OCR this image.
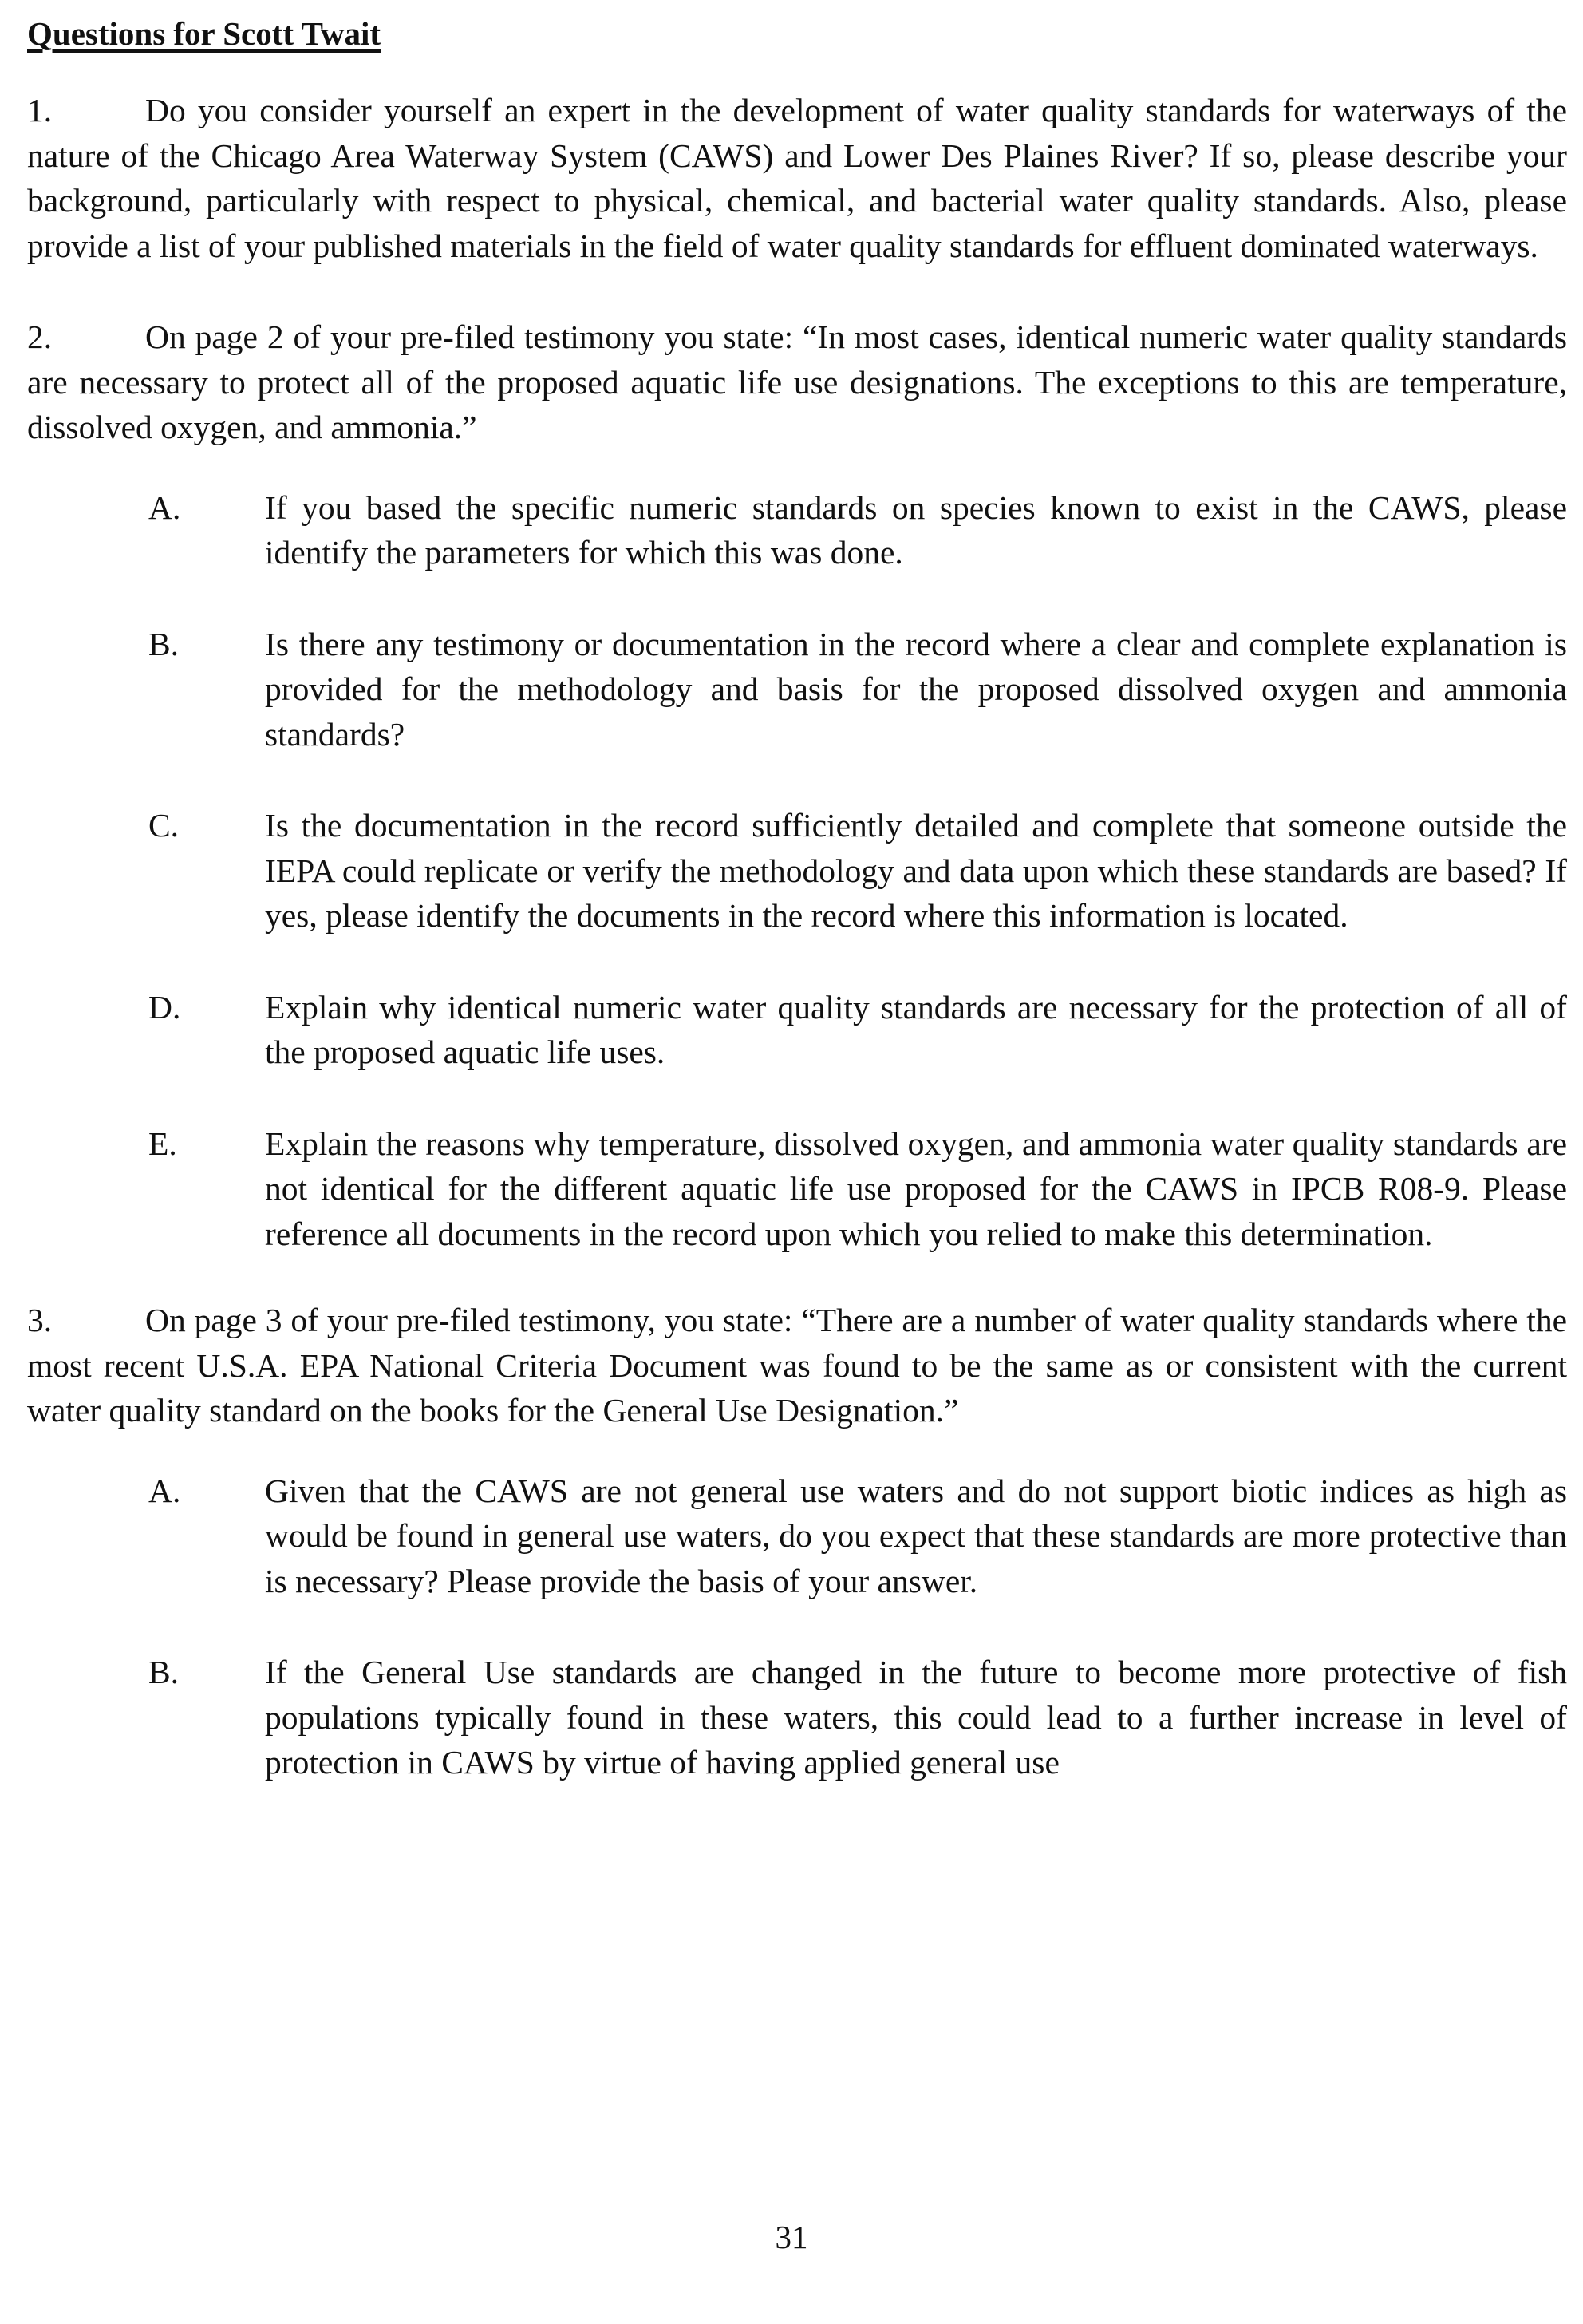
Questions for Scott Twait

1.	Do you consider yourself an expert in the development of water quality standards for waterways of the nature of the Chicago Area Waterway System (CAWS) and Lower Des Plaines River? If so, please describe your background, particularly with respect to physical, chemical, and bacterial water quality standards. Also, please provide a list of your published materials in the field of water quality standards for effluent dominated waterways.

2.	On page 2 of your pre-filed testimony you state: “In most cases, identical numeric water quality standards are necessary to protect all of the proposed aquatic life use designations. The exceptions to this are temperature, dissolved oxygen, and ammonia.”

A.	If you based the specific numeric standards on species known to exist in the CAWS, please identify the parameters for which this was done.
B.	Is there any testimony or documentation in the record where a clear and complete explanation is provided for the methodology and basis for the proposed dissolved oxygen and ammonia standards?
C.	Is the documentation in the record sufficiently detailed and complete that someone outside the IEPA could replicate or verify the methodology and data upon which these standards are based? If yes, please identify the documents in the record where this information is located.
D.	Explain why identical numeric water quality standards are necessary for the protection of all of the proposed aquatic life uses.
E.	Explain the reasons why temperature, dissolved oxygen, and ammonia water quality standards are not identical for the different aquatic life use proposed for the CAWS in IPCB R08-9. Please reference all documents in the record upon which you relied to make this determination.

3.	On page 3 of your pre-filed testimony, you state: “There are a number of water quality standards where the most recent U.S.A. EPA National Criteria Document was found to be the same as or consistent with the current water quality standard on the books for the General Use Designation.”

A.	Given that the CAWS are not general use waters and do not support biotic indices as high as would be found in general use waters, do you expect that these standards are more protective than is necessary? Please provide the basis of your answer.
B.	If the General Use standards are changed in the future to become more protective of fish populations typically found in these waters, this could lead to a further increase in level of protection in CAWS by virtue of having applied general use
31
